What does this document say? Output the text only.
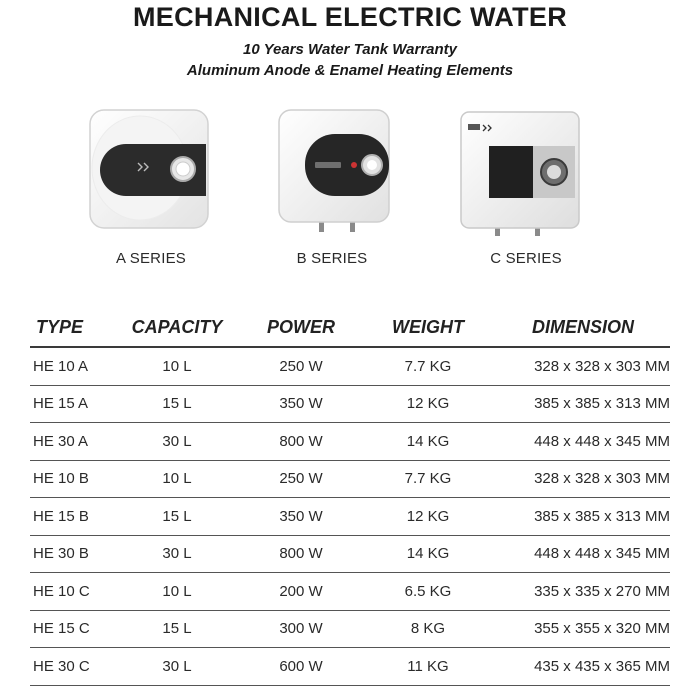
MECHANICAL ELECTRIC WATER
10 Years Water Tank Warranty
Aluminum Anode & Enamel Heating Elements
A SERIES	B SERIES	C SERIES
TYPE	CAPACITY	POWER	WEIGHT	DIMENSION
HE 10 A	10 L	250 W	7.7 KG	328 x 328 x 303 MM
HE 15 A	15 L	350 W	12 KG	385 x 385 x 313 MM
HE 30 A	30 L	800 W	14 KG	448 x 448 x 345 MM
HE 10 B	10 L	250 W	7.7 KG	328 x 328 x 303 MM
HE 15 B	15 L	350 W	12 KG	385 x 385 x 313 MM
HE 30 B	30 L	800 W	14 KG	448 x 448 x 345 MM
HE 10 C	10 L	200 W	6.5 KG	335 x 335 x 270 MM
HE 15 C	15 L	300 W	8 KG	355 x 355 x 320 MM
HE 30 C	30 L	600 W	11 KG	435 x 435 x 365 MM
